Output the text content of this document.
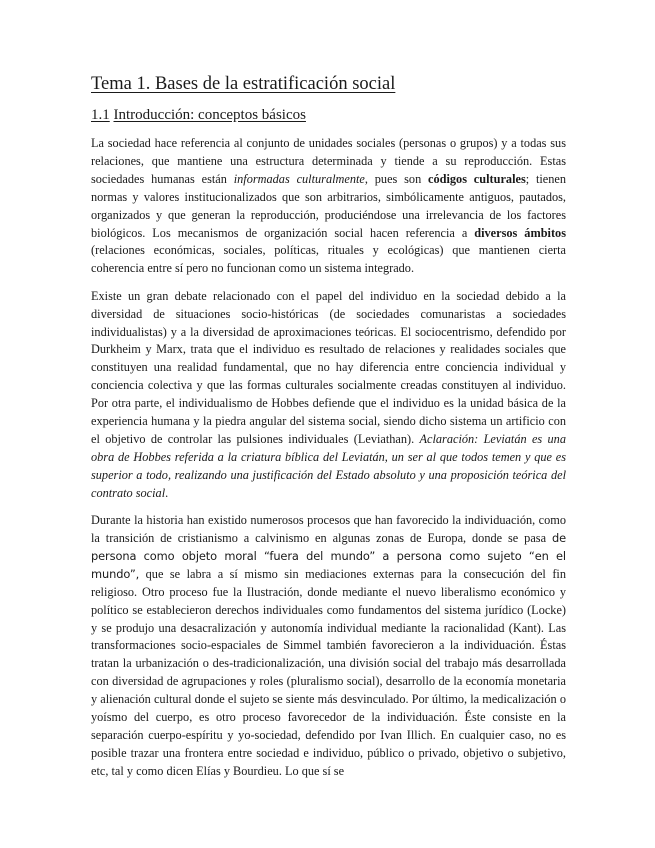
Tema 1. Bases de la estratificación social
1.1 Introducción: conceptos básicos

La sociedad hace referencia al conjunto de unidades sociales (personas o grupos) y a todas sus relaciones, que mantiene una estructura determinada y tiende a su reproducción. Estas sociedades humanas están informadas culturalmente, pues son códigos culturales; tienen normas y valores institucionalizados que son arbitrarios, simbólicamente antiguos, pautados, organizados y que generan la reproducción, produciéndose una irrelevancia de los factores biológicos. Los mecanismos de organización social hacen referencia a diversos ámbitos (relaciones económicas, sociales, políticas, rituales y ecológicas) que mantienen cierta coherencia entre sí pero no funcionan como un sistema integrado.

Existe un gran debate relacionado con el papel del individuo en la sociedad debido a la diversidad de situaciones socio-históricas (de sociedades comunaristas a sociedades individualistas) y a la diversidad de aproximaciones teóricas. El sociocentrismo, defendido por Durkheim y Marx, trata que el individuo es resultado de relaciones y realidades sociales que constituyen una realidad fundamental, que no hay diferencia entre conciencia individual y conciencia colectiva y que las formas culturales socialmente creadas constituyen al individuo. Por otra parte, el individualismo de Hobbes defiende que el individuo es la unidad básica de la experiencia humana y la piedra angular del sistema social, siendo dicho sistema un artificio con el objetivo de controlar las pulsiones individuales (Leviathan). Aclaración: Leviatán es una obra de Hobbes referida a la criatura bíblica del Leviatán, un ser al que todos temen y que es superior a todo, realizando una justificación del Estado absoluto y una proposición teórica del contrato social.

Durante la historia han existido numerosos procesos que han favorecido la individuación, como la transición de cristianismo a calvinismo en algunas zonas de Europa, donde se pasa de persona como objeto moral “fuera del mundo” a persona como sujeto “en el mundo”, que se labra a sí mismo sin mediaciones externas para la consecución del fin religioso. Otro proceso fue la Ilustración, donde mediante el nuevo liberalismo económico y político se establecieron derechos individuales como fundamentos del sistema jurídico (Locke) y se produjo una desacralización y autonomía individual mediante la racionalidad (Kant). Las transformaciones socio-espaciales de Simmel también favorecieron a la individuación. Éstas tratan la urbanización o des-tradicionalización, una división social del trabajo más desarrollada con diversidad de agrupaciones y roles (pluralismo social), desarrollo de la economía monetaria y alienación cultural donde el sujeto se siente más desvinculado. Por último, la medicalización o yoísmo del cuerpo, es otro proceso favorecedor de la individuación. Éste consiste en la separación cuerpo-espíritu y yo-sociedad, defendido por Ivan Illich. En cualquier caso, no es posible trazar una frontera entre sociedad e individuo, público o privado, objetivo o subjetivo, etc, tal y como dicen Elías y Bourdieu. Lo que sí se
